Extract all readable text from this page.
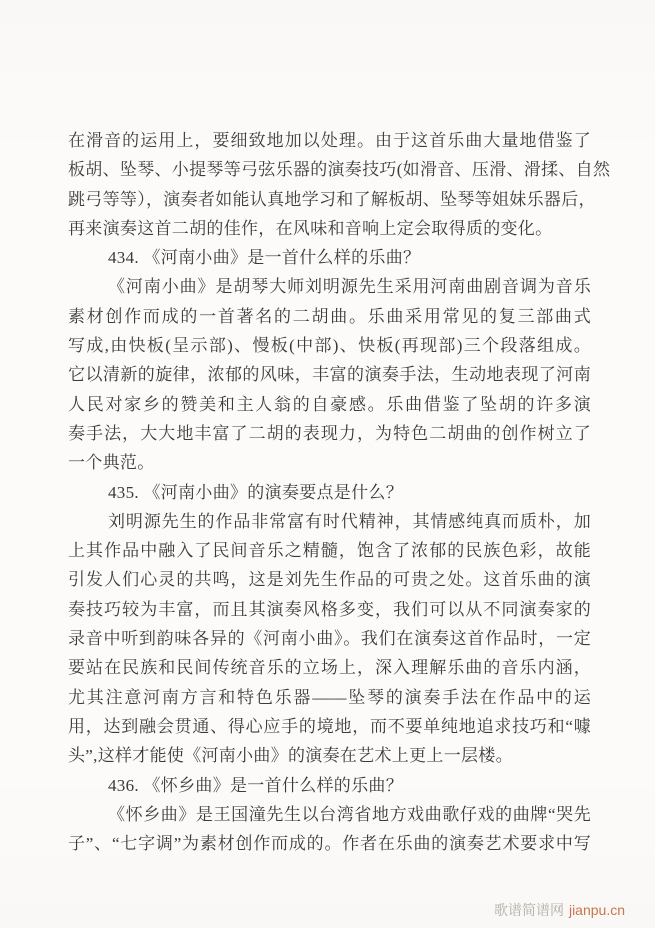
在滑音的运用上，要细致地加以处理。由于这首乐曲大量地借鉴了
板胡、坠琴、小提琴等弓弦乐器的演奏技巧(如滑音、压滑、滑揉、自然
跳弓等等），演奏者如能认真地学习和了解板胡、坠琴等姐妹乐器后，
再来演奏这首二胡的佳作，在风味和音响上定会取得质的变化。
434. 《河南小曲》是一首什么样的乐曲？
《河南小曲》是胡琴大师刘明源先生采用河南曲剧音调为音乐
素材创作而成的一首著名的二胡曲。乐曲采用常见的复三部曲式
写成,由快板(呈示部)、慢板(中部)、快板(再现部)三个段落组成。
它以清新的旋律，浓郁的风味，丰富的演奏手法，生动地表现了河南
人民对家乡的赞美和主人翁的自豪感。乐曲借鉴了坠胡的许多演
奏手法，大大地丰富了二胡的表现力，为特色二胡曲的创作树立了
一个典范。
435. 《河南小曲》的演奏要点是什么？
刘明源先生的作品非常富有时代精神，其情感纯真而质朴，加
上其作品中融入了民间音乐之精髓，饱含了浓郁的民族色彩，故能
引发人们心灵的共鸣，这是刘先生作品的可贵之处。这首乐曲的演
奏技巧较为丰富，而且其演奏风格多变，我们可以从不同演奏家的
录音中听到韵味各异的《河南小曲》。我们在演奏这首作品时，一定
要站在民族和民间传统音乐的立场上，深入理解乐曲的音乐内涵，
尤其注意河南方言和特色乐器——坠琴的演奏手法在作品中的运
用，达到融会贯通、得心应手的境地，而不要单纯地追求技巧和“噱
头”,这样才能使《河南小曲》的演奏在艺术上更上一层楼。
436. 《怀乡曲》是一首什么样的乐曲？
《怀乡曲》是王国潼先生以台湾省地方戏曲歌仔戏的曲牌“哭先
子”、“七字调”为素材创作而成的。作者在乐曲的演奏艺术要求中写
歌谱简谱网 jianpu.cn
